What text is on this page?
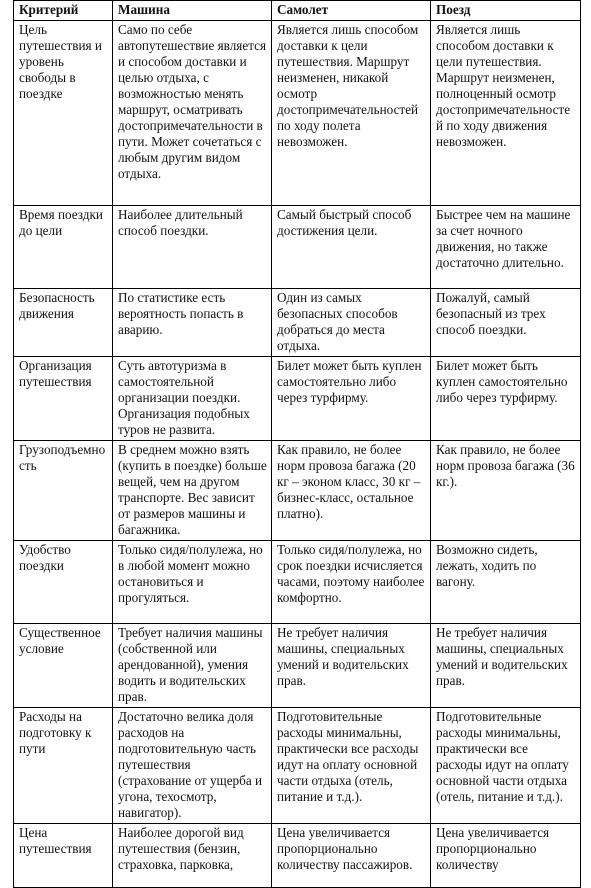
Критерий	Машина	Самолет	Поезд
Цель путешествия и уровень свободы в поездке	Само по себе автопутешествие является и способом доставки и целью отдыха, с возможностью менять маршрут, осматривать достопримечательности в пути. Может сочетаться с любым другим видом отдыха.	Является лишь способом доставки к цели путешествия. Маршрут неизменен, никакой осмотр достопримечательностей по ходу полета невозможен.	Является лишь способом доставки к цели путешествия. Маршрут неизменен, полноценный осмотр достопримечательностей по ходу движения невозможен.
Время поездки до цели	Наиболее длительный способ поездки.	Самый быстрый способ достижения цели.	Быстрее чем на машине за счет ночного движения, но также достаточно длительно.
Безопасность движения	По статистике есть вероятность попасть в аварию.	Один из самых безопасных способов добраться до места отдыха.	Пожалуй, самый безопасный из трех способ поездки.
Организация путешествия	Суть автотуризма в самостоятельной организации поездки. Организация подобных туров не развита.	Билет может быть куплен самостоятельно либо через турфирму.	Билет может быть куплен самостоятельно либо через турфирму.
Грузоподъемность	В среднем можно взять (купить в поездке) больше вещей, чем на другом транспорте. Вес зависит от размеров машины и багажника.	Как правило, не более норм провоза багажа (20 кг – эконом класс, 30 кг – бизнес-класс, остальное платно).	Как правило, не более норм провоза багажа (36 кг.).
Удобство поездки	Только сидя/полулежа, но в любой момент можно остановиться и прогуляться.	Только сидя/полулежа, но срок поездки исчисляется часами, поэтому наиболее комфортно.	Возможно сидеть, лежать, ходить по вагону.
Существенное условие	Требует наличия машины (собственной или арендованной), умения водить и водительских прав.	Не требует наличия машины, специальных умений и водительских прав.	Не требует наличия машины, специальных умений и водительских прав.
Расходы на подготовку к пути	Достаточно велика доля расходов на подготовительную часть путешествия (страхование от ущерба и угона, техосмотр, навигатор).	Подготовительные расходы минимальны, практически все расходы идут на оплату основной части отдыха (отель, питание и т.д.).	Подготовительные расходы минимальны, практически все расходы идут на оплату основной части отдыха (отель, питание и т.д.).
Цена путешествия	Наиболее дорогой вид путешествия (бензин, страховка, парковка,	Цена увеличивается пропорционально количеству пассажиров.	Цена увеличивается пропорционально количеству
